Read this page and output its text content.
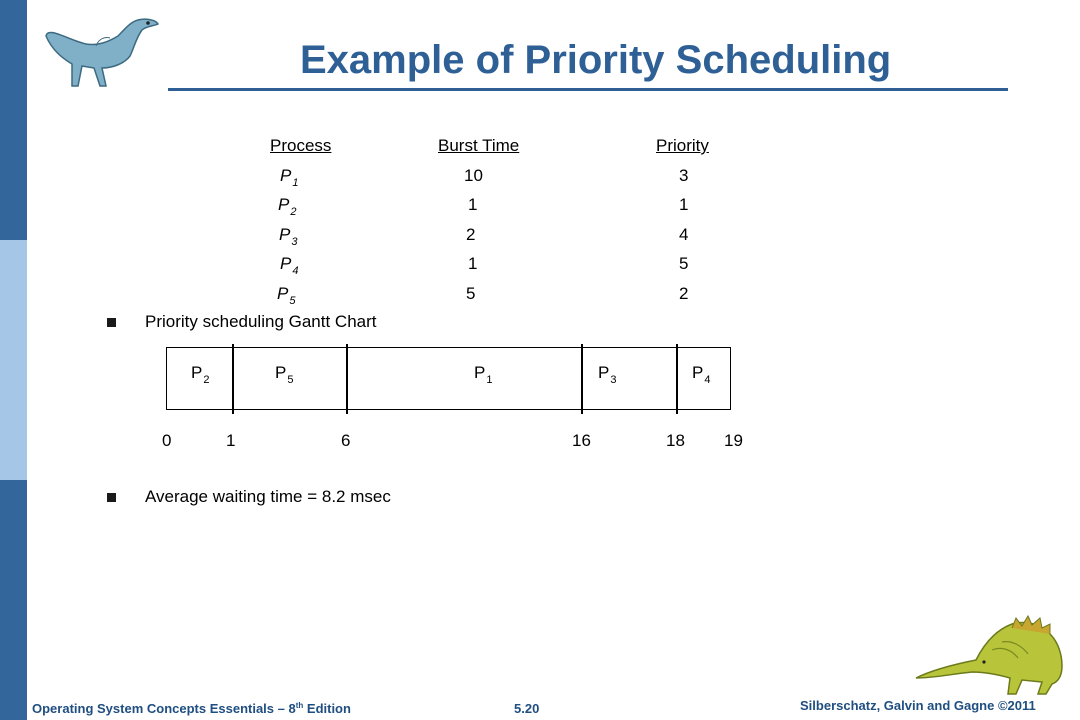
Example of Priority Scheduling
Process	Burst Time	Priority
$P_1$	10	3
$P_2$	1	1
$P_3$	2	4
$P_4$	1	5
$P_5$	5	2
Priority scheduling Gantt Chart
$P_2$	$P_5$	$P_1$	$P_3$	$P_4$
0	1	6	16	18 19
Average waiting time = 8.2 msec
Operating System Concepts Essentials – 8th Edition	5.20	Silberschatz, Galvin and Gagne ©2011
